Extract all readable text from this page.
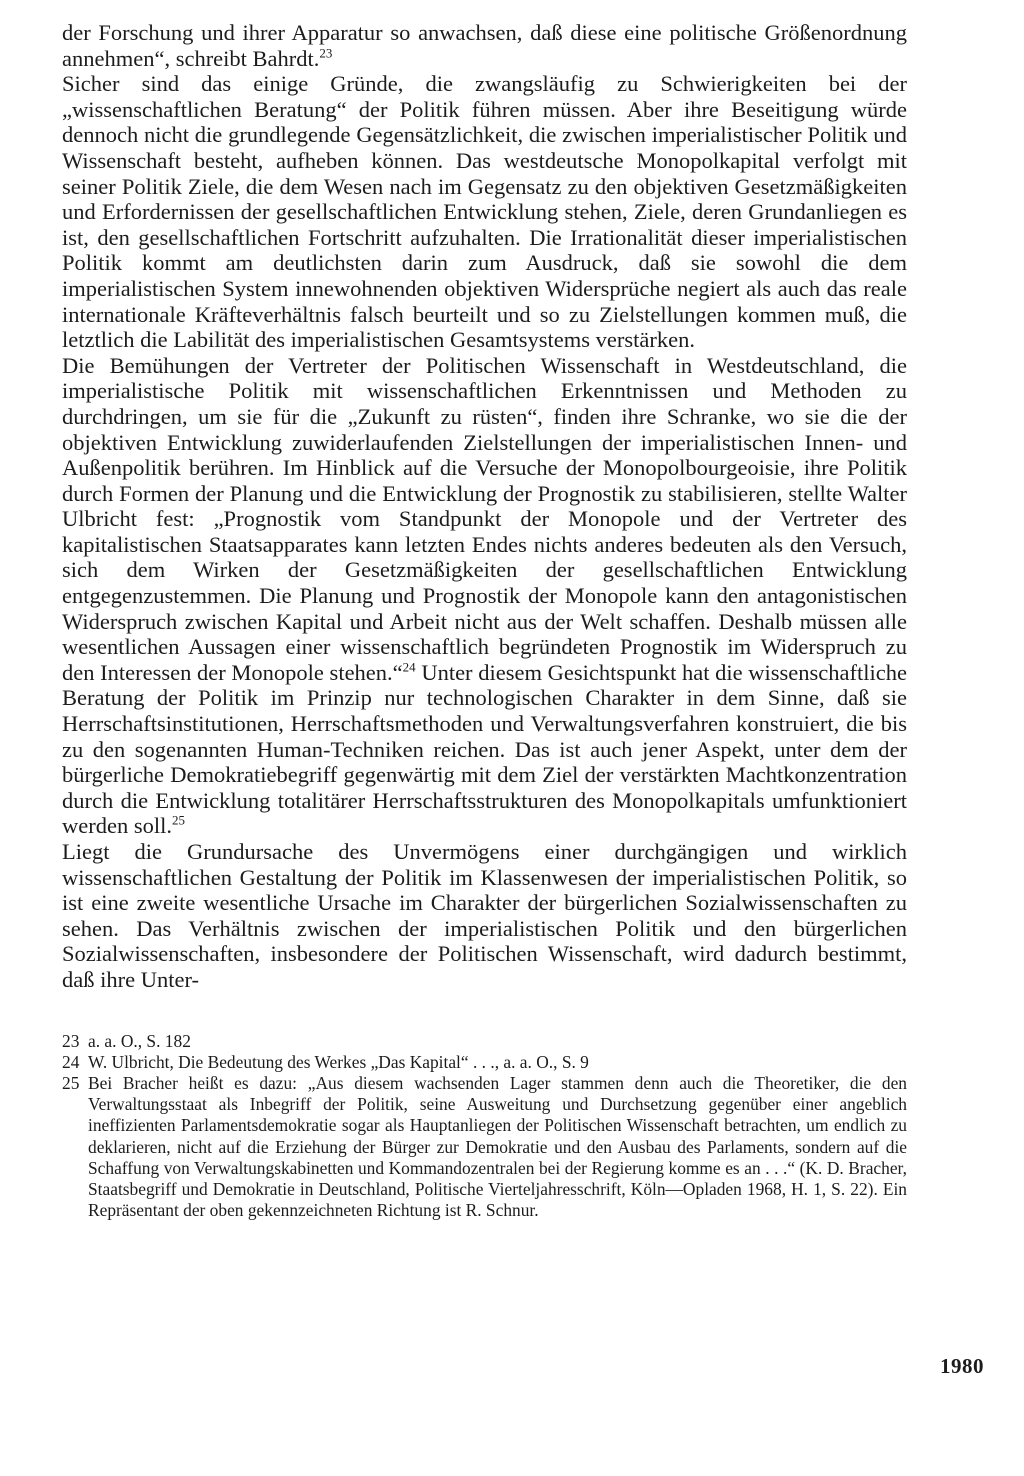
der Forschung und ihrer Apparatur so anwachsen, daß diese eine politische Größenordnung annehmen“, schreibt Bahrdt.$^{23}$

Sicher sind das einige Gründe, die zwangsläufig zu Schwierigkeiten bei der „wissenschaftlichen Beratung“ der Politik führen müssen. Aber ihre Beseitigung würde dennoch nicht die grundlegende Gegensätzlichkeit, die zwischen imperialistischer Politik und Wissenschaft besteht, aufheben können. Das westdeutsche Monopolkapital verfolgt mit seiner Politik Ziele, die dem Wesen nach im Gegensatz zu den objektiven Gesetzmäßigkeiten und Erfordernissen der gesellschaftlichen Entwicklung stehen, Ziele, deren Grundanliegen es ist, den gesellschaftlichen Fortschritt aufzuhalten. Die Irrationalität dieser imperialistischen Politik kommt am deutlichsten darin zum Ausdruck, daß sie sowohl die dem imperialistischen System innewohnenden objektiven Widersprüche negiert als auch das reale internationale Kräfteverhältnis falsch beurteilt und so zu Zielstellungen kommen muß, die letztlich die Labilität des imperialistischen Gesamtsystems verstärken.

Die Bemühungen der Vertreter der Politischen Wissenschaft in Westdeutschland, die imperialistische Politik mit wissenschaftlichen Erkenntnissen und Methoden zu durchdringen, um sie für die „Zukunft zu rüsten“, finden ihre Schranke, wo sie die der objektiven Entwicklung zuwiderlaufenden Zielstellungen der imperialistischen Innen- und Außenpolitik berühren. Im Hinblick auf die Versuche der Monopolbourgeoisie, ihre Politik durch Formen der Planung und die Entwicklung der Prognostik zu stabilisieren, stellte Walter Ulbricht fest: „Prognostik vom Standpunkt der Monopole und der Vertreter des kapitalistischen Staatsapparates kann letzten Endes nichts anderes bedeuten als den Versuch, sich dem Wirken der Gesetzmäßigkeiten der gesellschaftlichen Entwicklung entgegenzustemmen. Die Planung und Prognostik der Monopole kann den antagonistischen Widerspruch zwischen Kapital und Arbeit nicht aus der Welt schaffen. Deshalb müssen alle wesentlichen Aussagen einer wissenschaftlich begründeten Prognostik im Widerspruch zu den Interessen der Monopole stehen.“$^{24}$ Unter diesem Gesichtspunkt hat die wissenschaftliche Beratung der Politik im Prinzip nur technologischen Charakter in dem Sinne, daß sie Herrschaftsinstitutionen, Herrschaftsmethoden und Verwaltungsverfahren konstruiert, die bis zu den sogenannten Human-Techniken reichen. Das ist auch jener Aspekt, unter dem der bürgerliche Demokratiebegriff gegenwärtig mit dem Ziel der verstärkten Machtkonzentration durch die Entwicklung totalitärer Herrschaftsstrukturen des Monopolkapitals umfunktioniert werden soll.$^{25}$

Liegt die Grundursache des Unvermögens einer durchgängigen und wirklich wissenschaftlichen Gestaltung der Politik im Klassenwesen der imperialistischen Politik, so ist eine zweite wesentliche Ursache im Charakter der bürgerlichen Sozialwissenschaften zu sehen. Das Verhältnis zwischen der imperialistischen Politik und den bürgerlichen Sozialwissenschaften, insbesondere der Politischen Wissenschaft, wird dadurch bestimmt, daß ihre Unter-

23 a. a. O., S. 182
24 W. Ulbricht, Die Bedeutung des Werkes „Das Kapital“ . . ., a. a. O., S. 9
25 Bei Bracher heißt es dazu: „Aus diesem wachsenden Lager stammen denn auch die Theoretiker, die den Verwaltungsstaat als Inbegriff der Politik, seine Ausweitung und Durchsetzung gegenüber einer angeblich ineffizienten Parlamentsdemokratie sogar als Hauptanliegen der Politischen Wissenschaft betrachten, um endlich zu deklarieren, nicht auf die Erziehung der Bürger zur Demokratie und den Ausbau des Parlaments, sondern auf die Schaffung von Verwaltungskabinetten und Kommandozentralen bei der Regierung komme es an . . .“ (K. D. Bracher, Staatsbegriff und Demokratie in Deutschland, Politische Vierteljahresschrift, Köln—Opladen 1968, H. 1, S. 22). Ein Repräsentant der oben gekennzeichneten Richtung ist R. Schnur.
1980
